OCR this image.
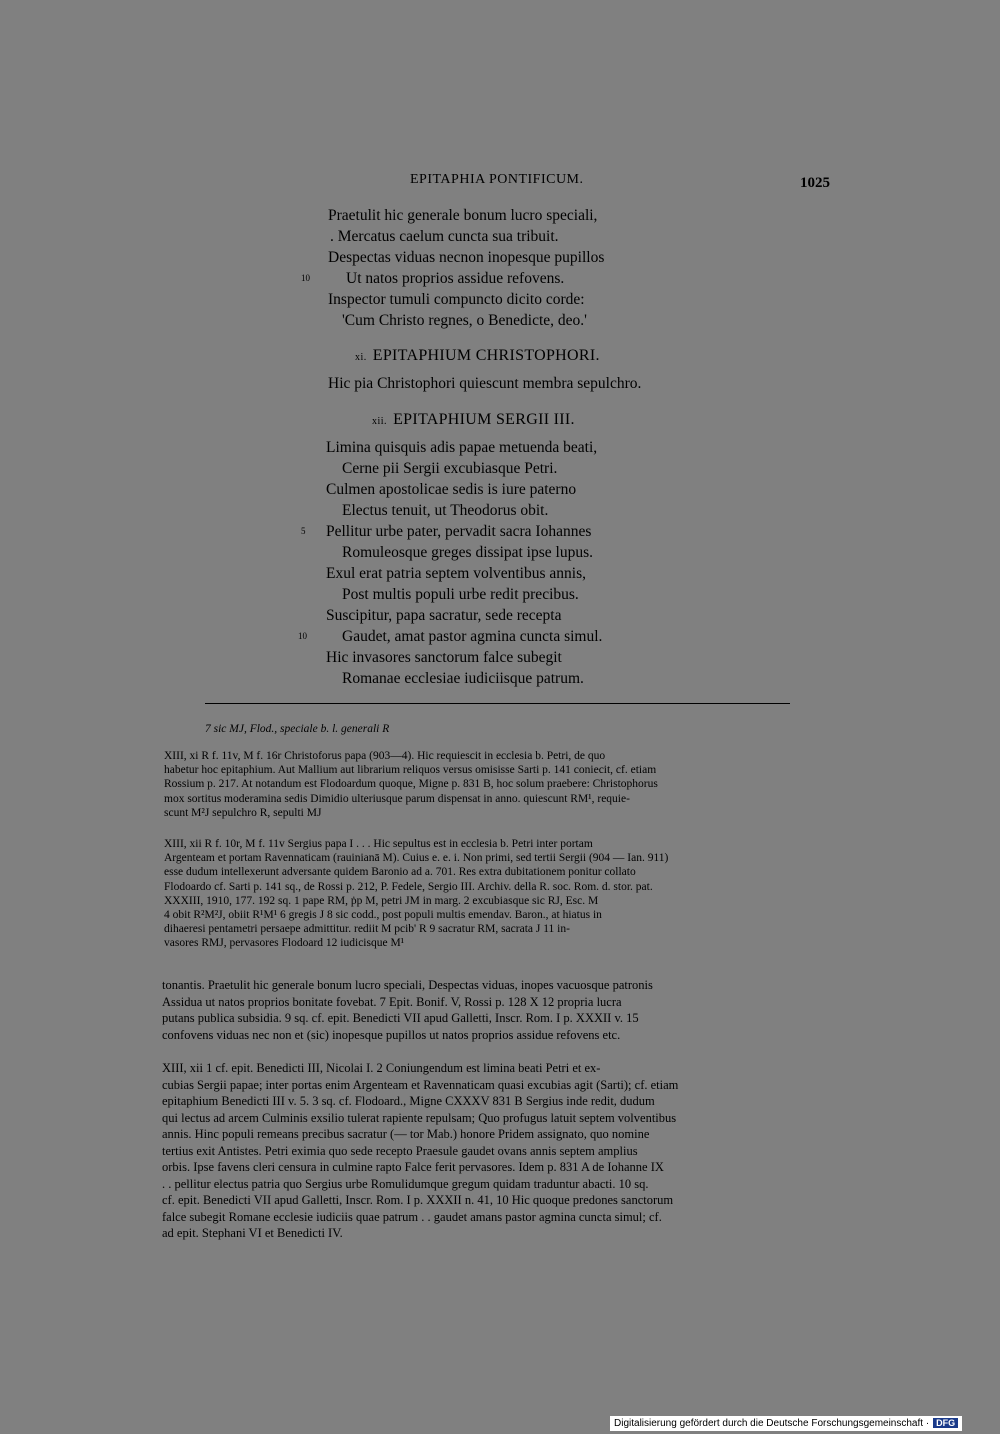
EPITAPHIA PONTIFICUM.	1025
Praetulit hic generale bonum lucro speciali,
. Mercatus caelum cuncta sua tribuit.
Despectas viduas necnon inopesque pupillos
10 Ut natos proprios assidue refovens.
Inspector tumuli compuncto dicito corde:
'Cum Christo regnes, o Benedicte, deo.'
xi. EPITAPHIUM CHRISTOPHORI.
Hic pia Christophori quiescunt membra sepulchro.
xii. EPITAPHIUM SERGII III.
Limina quisquis adis papae metuenda beati,
Cerne pii Sergii excubiasque Petri.
Culmen apostolicae sedis is iure paterno
Electus tenuit, ut Theodorus obit.
5 Pellitur urbe pater, pervadit sacra Iohannes
Romuleosque greges dissipat ipse lupus.
Exul erat patria septem volventibus annis,
Post multis populi urbe redit precibus.
Suscipitur, papa sacratur, sede recepta
10 Gaudet, amat pastor agmina cuncta simul.
Hic invasores sanctorum falce subegit
Romanae ecclesiae iudiciisque patrum.
7 sic MJ, Flod., speciale b. l. generali R
XIII, xi R f. 11v, M f. 16r Christoforus papa (903—4). Hic requiescit in ecclesia b. Petri, de quo
habetur hoc epitaphium. Aut Mallium aut librarium reliquos versus omisisse Sarti p. 141 coniecit, cf. etiam
Rossium p. 217. At notandum est Flodoardum quoque, Migne p. 831 B, hoc solum praebere: Christophorus
mox sortitus moderamina sedis Dimidio ulteriusque parum dispensat in anno. quiescunt RM¹, requie-
scunt M²J sepulchro R, sepulti MJ
XIII, xii R f. 10r, M f. 11v Sergius papa I . . . Hic sepultus est in ecclesia b. Petri inter portam
Argenteam et portam Ravennaticam (rauinianā M). Cuius e. e. i. Non primi, sed tertii Sergii (904 — Ian. 911)
esse dudum intellexerunt adversante quidem Baronio ad a. 701. Res extra dubitationem ponitur collato
Flodoardo cf. Sarti p. 141 sq., de Rossi p. 212, P. Fedele, Sergio III. Archiv. della R. soc. Rom. d. stor. pat.
XXXIII, 1910, 177. 192 sq. 1 pape RM, ṗp M, petri JM in marg. 2 excubiasque sic RJ, Esc. M
4 obit R²M²J, obiit R¹M¹ 6 gregis J 8 sic codd., post populi multis emendav. Baron., at hiatus in
dihaeresi pentametri persaepe admittitur. rediit M pcib' R 9 sacratur RM, sacrata J 11 in-
vasores RMJ, pervasores Flodoard 12 iudicisque M¹
tonantis. Praetulit hic generale bonum lucro speciali, Despectas viduas, inopes vacuosque patronis
Assidua ut natos proprios bonitate fovebat. 7 Epit. Bonif. V, Rossi p. 128 X 12 propria lucra
putans publica subsidia. 9 sq. cf. epit. Benedicti VII apud Galletti, Inscr. Rom. I p. XXXII v. 15
confovens viduas nec non et (sic) inopesque pupillos ut natos proprios assidue refovens etc.
XIII, xii 1 cf. epit. Benedicti III, Nicolai I. 2 Coniungendum est limina beati Petri et ex-
cubias Sergii papae; inter portas enim Argenteam et Ravennaticam quasi excubias agit (Sarti); cf. etiam
epitaphium Benedicti III v. 5. 3 sq. cf. Flodoard., Migne CXXXV 831 B Sergius inde redit, dudum
qui lectus ad arcem Culminis exsilio tulerat rapiente repulsam; Quo profugus latuit septem volventibus
annis. Hinc populi remeans precibus sacratur (— tor Mab.) honore Pridem assignato, quo nomine
tertius exit Antistes. Petri eximia quo sede recepto Praesule gaudet ovans annis septem amplius
orbis. Ipse favens cleri censura in culmine rapto Falce ferit pervasores. Idem p. 831 A de Iohanne IX
. . pellitur electus patria quo Sergius urbe Romulidumque gregum quidam traduntur abacti. 10 sq.
cf. epit. Benedicti VII apud Galletti, Inscr. Rom. I p. XXXII n. 41, 10 Hic quoque predones sanctorum
falce subegit Romane ecclesie iudiciis quae patrum . . gaudet amans pastor agmina cuncta simul; cf.
ad epit. Stephani VI et Benedicti IV.
Digitalisierung gefördert durch die Deutsche Forschungsgemeinschaft · DFG
